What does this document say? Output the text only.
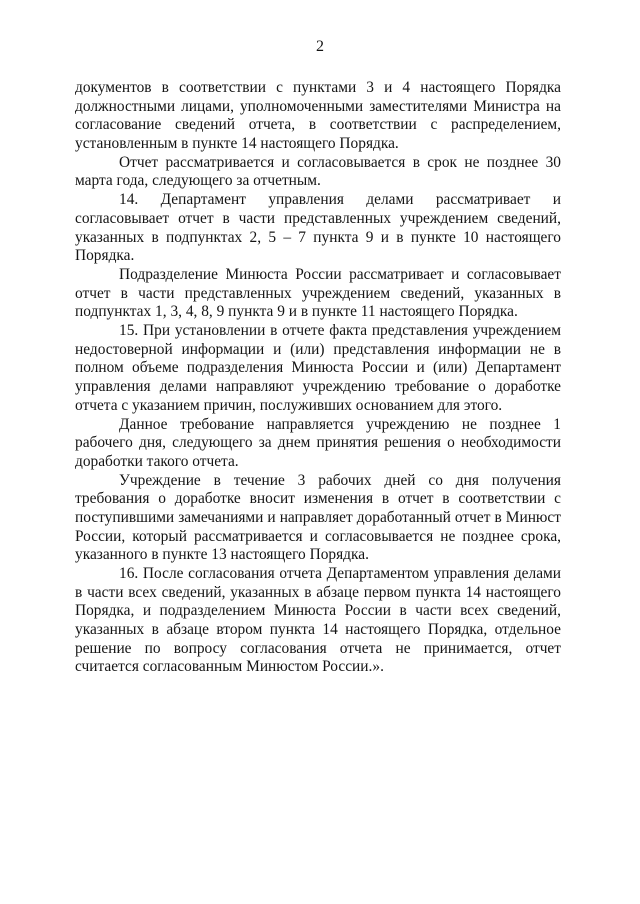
2

документов в соответствии с пунктами 3 и 4 настоящего Порядка должностными лицами, уполномоченными заместителями Министра на согласование сведений отчета, в соответствии с распределением, установленным в пункте 14 настоящего Порядка.

Отчет рассматривается и согласовывается в срок не позднее 30 марта года, следующего за отчетным.

14. Департамент управления делами рассматривает и согласовывает отчет в части представленных учреждением сведений, указанных в подпунктах 2, 5 – 7 пункта 9 и в пункте 10 настоящего Порядка.

Подразделение Минюста России рассматривает и согласовывает отчет в части представленных учреждением сведений, указанных в подпунктах 1, 3, 4, 8, 9 пункта 9 и в пункте 11 настоящего Порядка.

15. При установлении в отчете факта представления учреждением недостоверной информации и (или) представления информации не в полном объеме подразделения Минюста России и (или) Департамент управления делами направляют учреждению требование о доработке отчета с указанием причин, послуживших основанием для этого.

Данное требование направляется учреждению не позднее 1 рабочего дня, следующего за днем принятия решения о необходимости доработки такого отчета.

Учреждение в течение 3 рабочих дней со дня получения требования о доработке вносит изменения в отчет в соответствии с поступившими замечаниями и направляет доработанный отчет в Минюст России, который рассматривается и согласовывается не позднее срока, указанного в пункте 13 настоящего Порядка.

16. После согласования отчета Департаментом управления делами в части всех сведений, указанных в абзаце первом пункта 14 настоящего Порядка, и подразделением Минюста России в части всех сведений, указанных в абзаце втором пункта 14 настоящего Порядка, отдельное решение по вопросу согласования отчета не принимается, отчет считается согласованным Минюстом России.».
